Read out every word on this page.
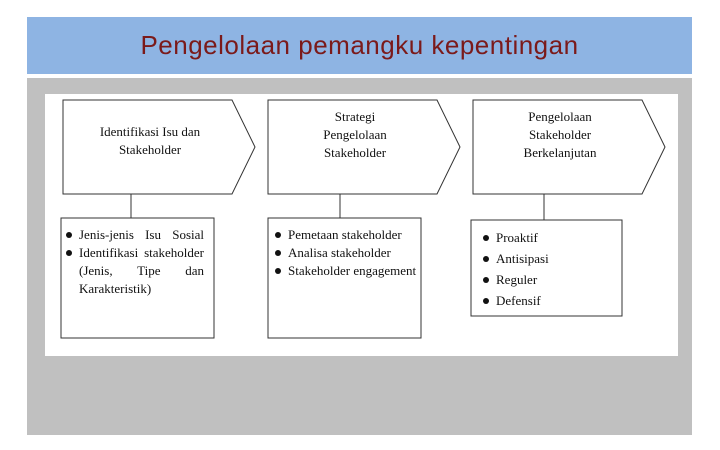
Pengelolaan pemangku kepentingan
Identifikasi Isu dan
Stakeholder
Strategi
Pengelolaan
Stakeholder
Pengelolaan
Stakeholder
Berkelanjutan
Jenis-jenis Isu Sosial
Identifikasi stakeholder (Jenis, Tipe dan Karakteristik)
Pemetaan stakeholder
Analisa stakeholder
Stakeholder engagement
Proaktif
Antisipasi
Reguler
Defensif
